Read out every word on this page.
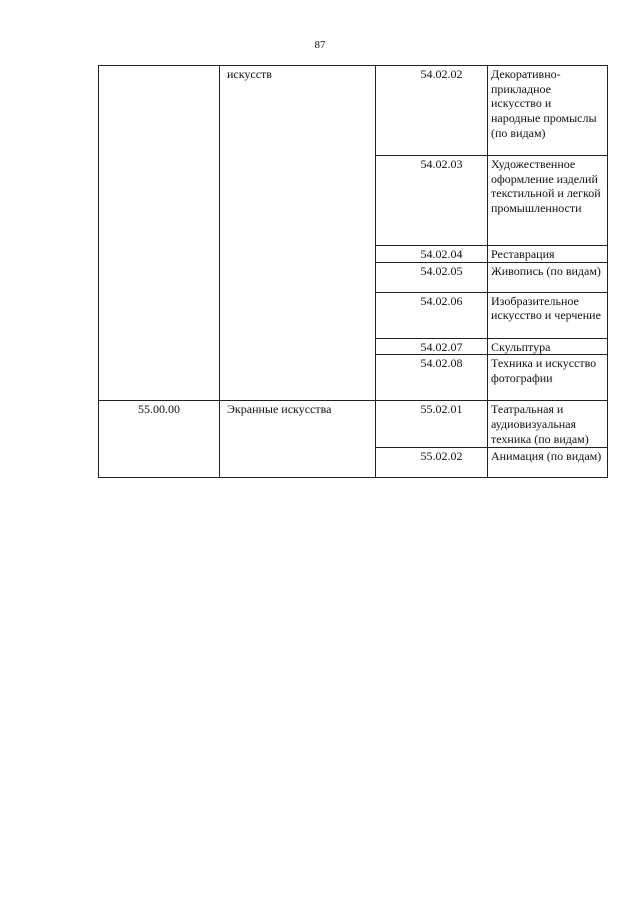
87

	искусств	54.02.02	Декоративно-прикладное искусство и народные промыслы (по видам)

		54.02.03	Художественное оформление изделий текстильной и легкой промышленности

		54.02.04	Реставрация

		54.02.05	Живопись (по видам)

		54.02.06	Изобразительное искусство и черчение

		54.02.07	Скульптура

		54.02.08	Техника и искусство фотографии

55.00.00	Экранные искусства	55.02.01	Театральная и аудиовизуальная техника (по видам)

		55.02.02	Анимация (по видам)
